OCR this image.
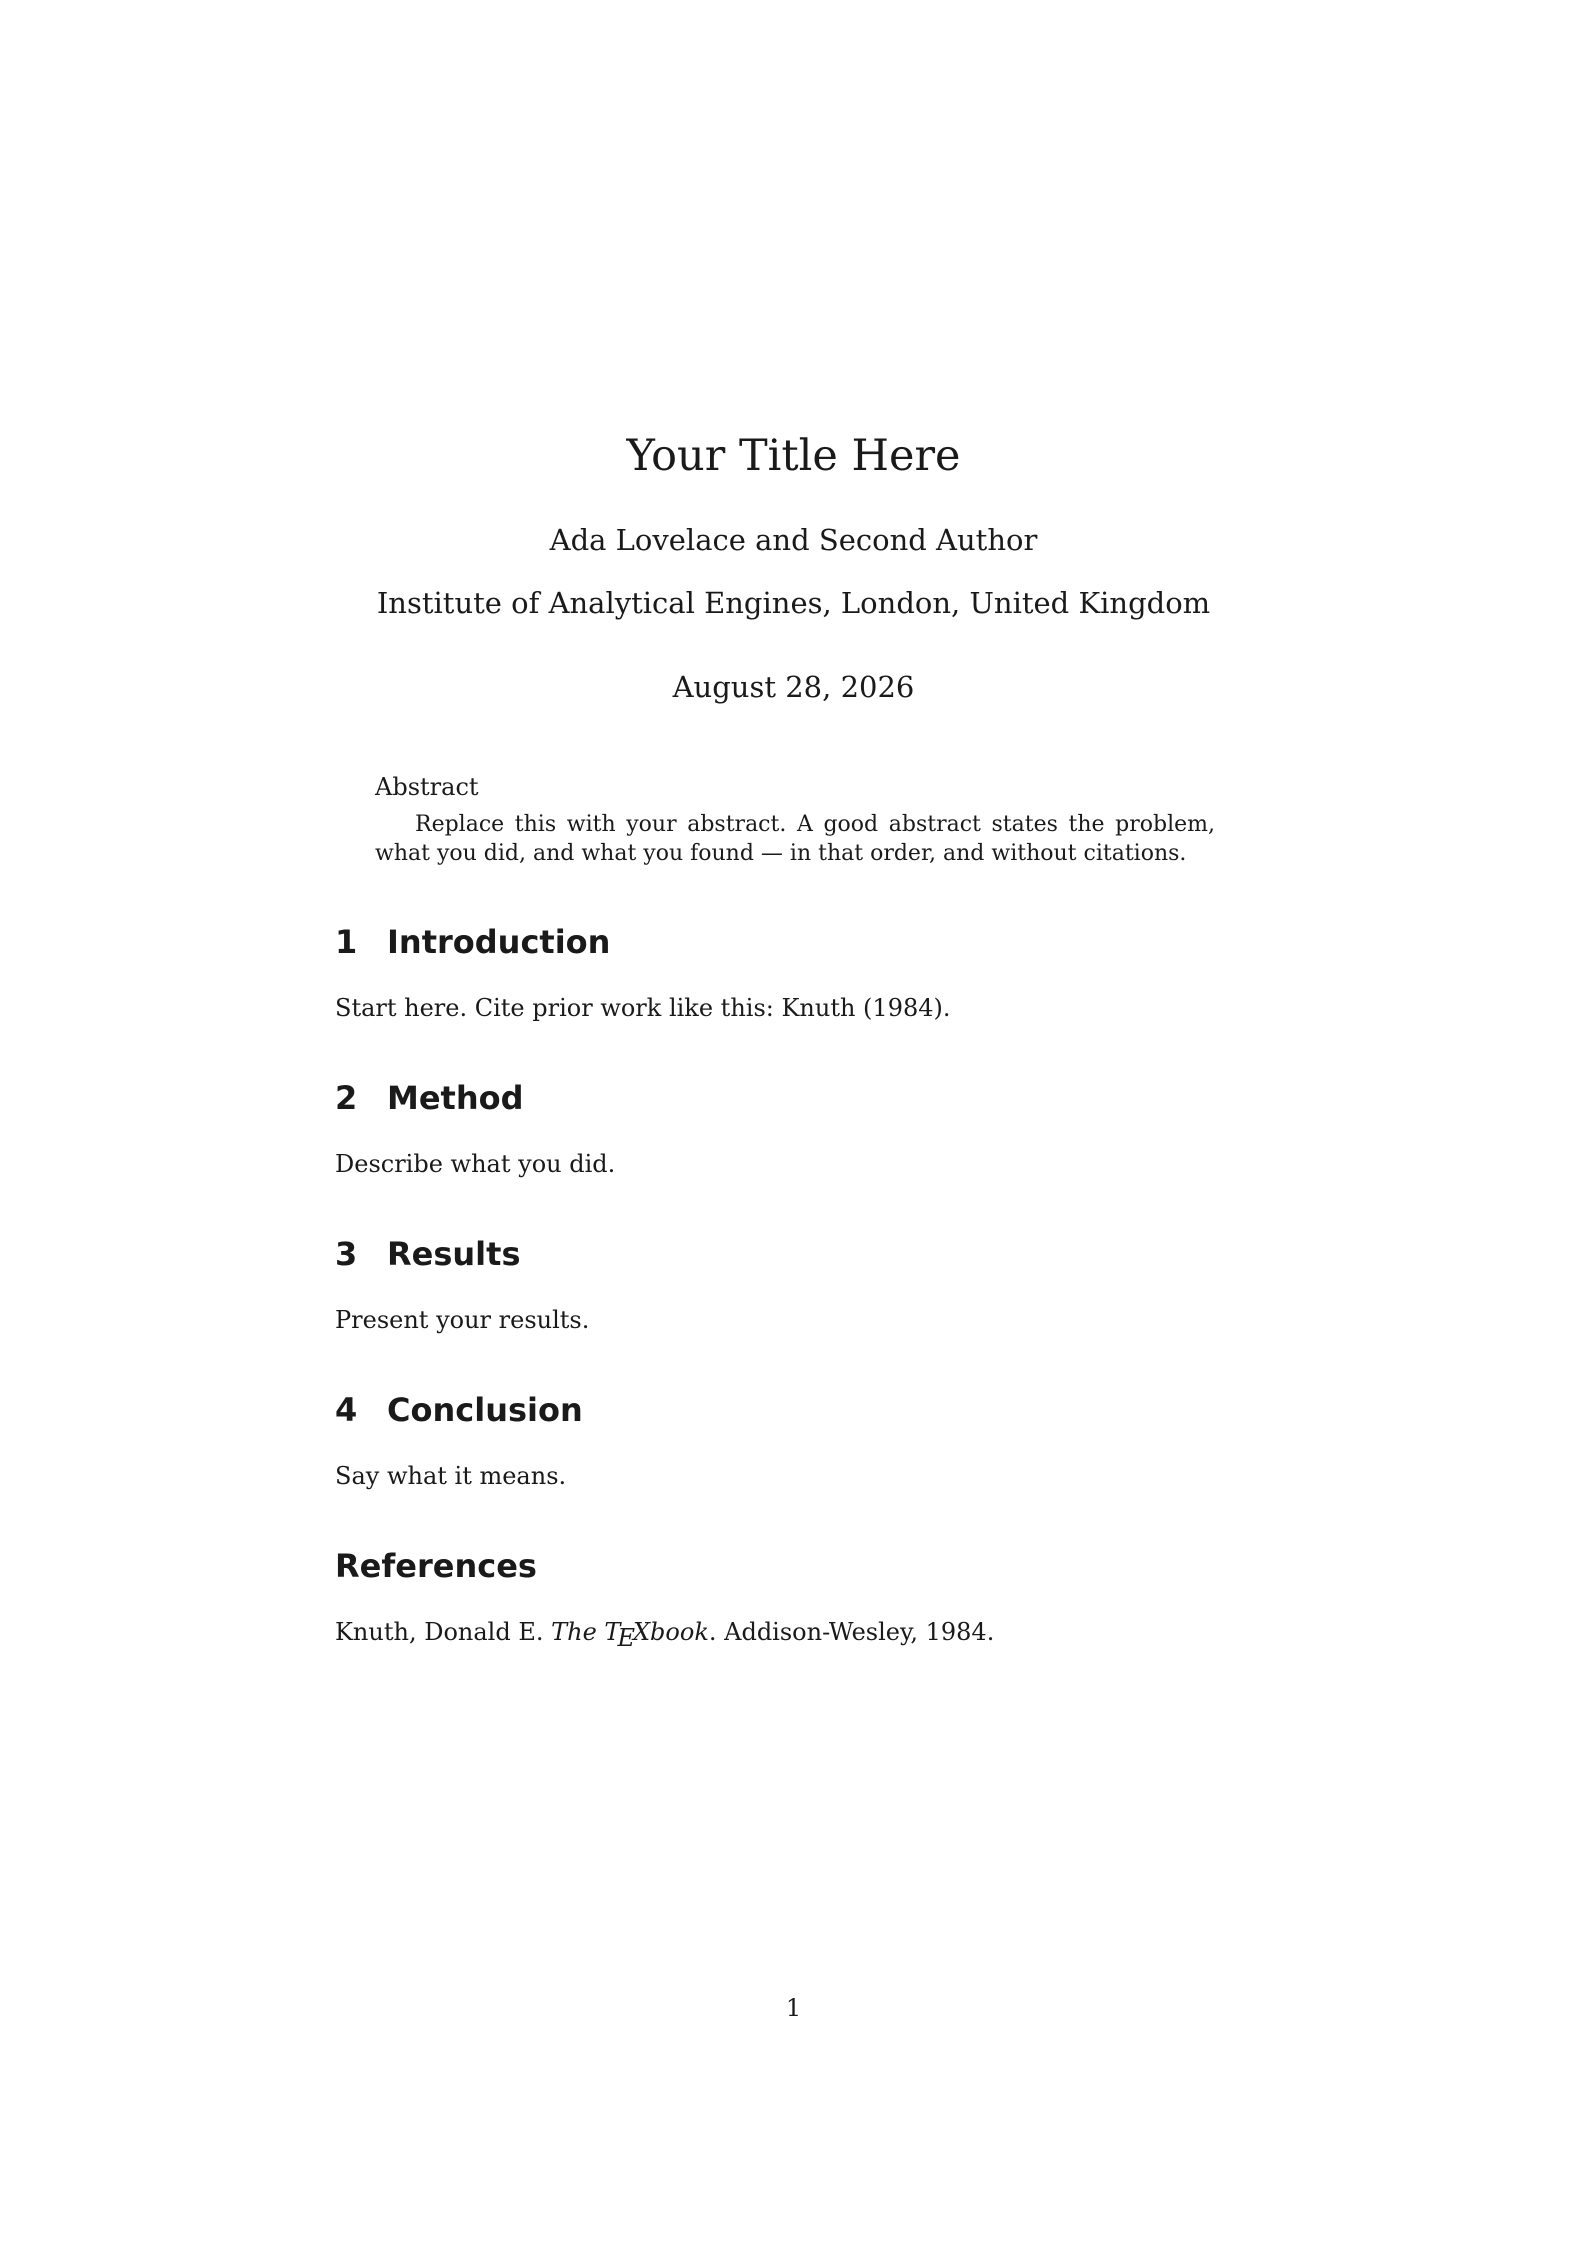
Your Title Here
Ada Lovelace and Second Author
Institute of Analytical Engines, London, United Kingdom
August 28, 2026
Abstract
Replace this with your abstract. A good abstract states the problem, what you did, and what you found — in that order, and without citations.
1 Introduction
Start here. Cite prior work like this: Knuth (1984).
2 Method
Describe what you did.
3 Results
Present your results.
4 Conclusion
Say what it means.
References
Knuth, Donald E. The TEXbook. Addison-Wesley, 1984.
1
